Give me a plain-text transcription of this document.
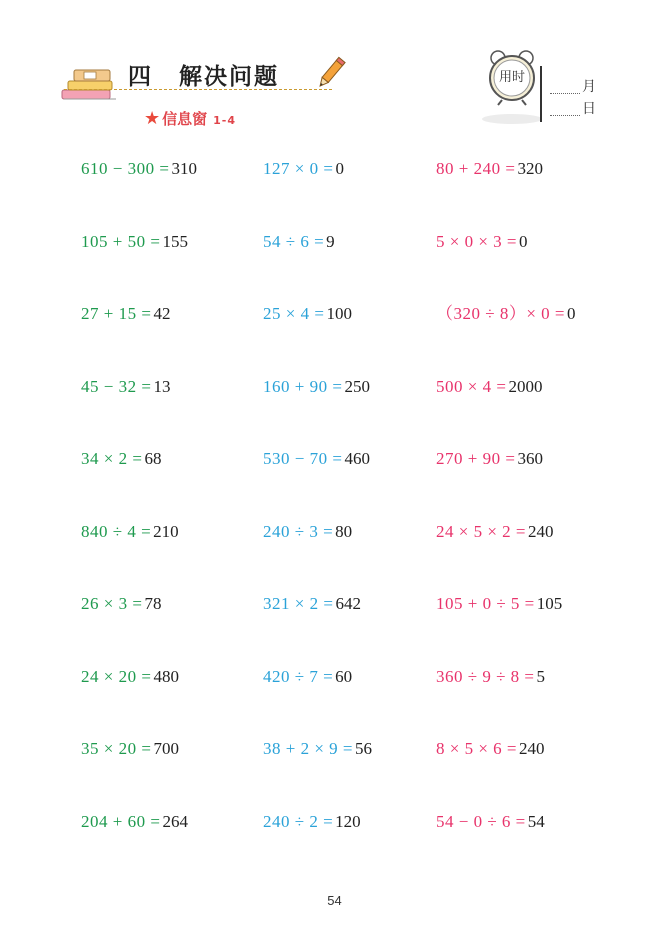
四 解决问题
★ 信息窗 1-4
用时
月
日
610 − 300 = 310
105 + 50 = 155
27 + 15 = 42
45 − 32 = 13
34 × 2 = 68
840 ÷ 4 = 210
26 × 3 = 78
24 × 20 = 480
35 × 20 = 700
204 + 60 = 264
127 × 0 = 0
54 ÷ 6 = 9
25 × 4 = 100
160 + 90 = 250
530 − 70 = 460
240 ÷ 3 = 80
321 × 2 = 642
420 ÷ 7 = 60
38 + 2 × 9 = 56
240 ÷ 2 = 120
80 + 240 = 320
5 × 0 × 3 = 0
（320 ÷ 8）× 0 = 0
500 × 4 = 2000
270 + 90 = 360
24 × 5 × 2 = 240
105 + 0 ÷ 5 = 105
360 ÷ 9 ÷ 8 = 5
8 × 5 × 6 = 240
54 − 0 ÷ 6 = 54
54
